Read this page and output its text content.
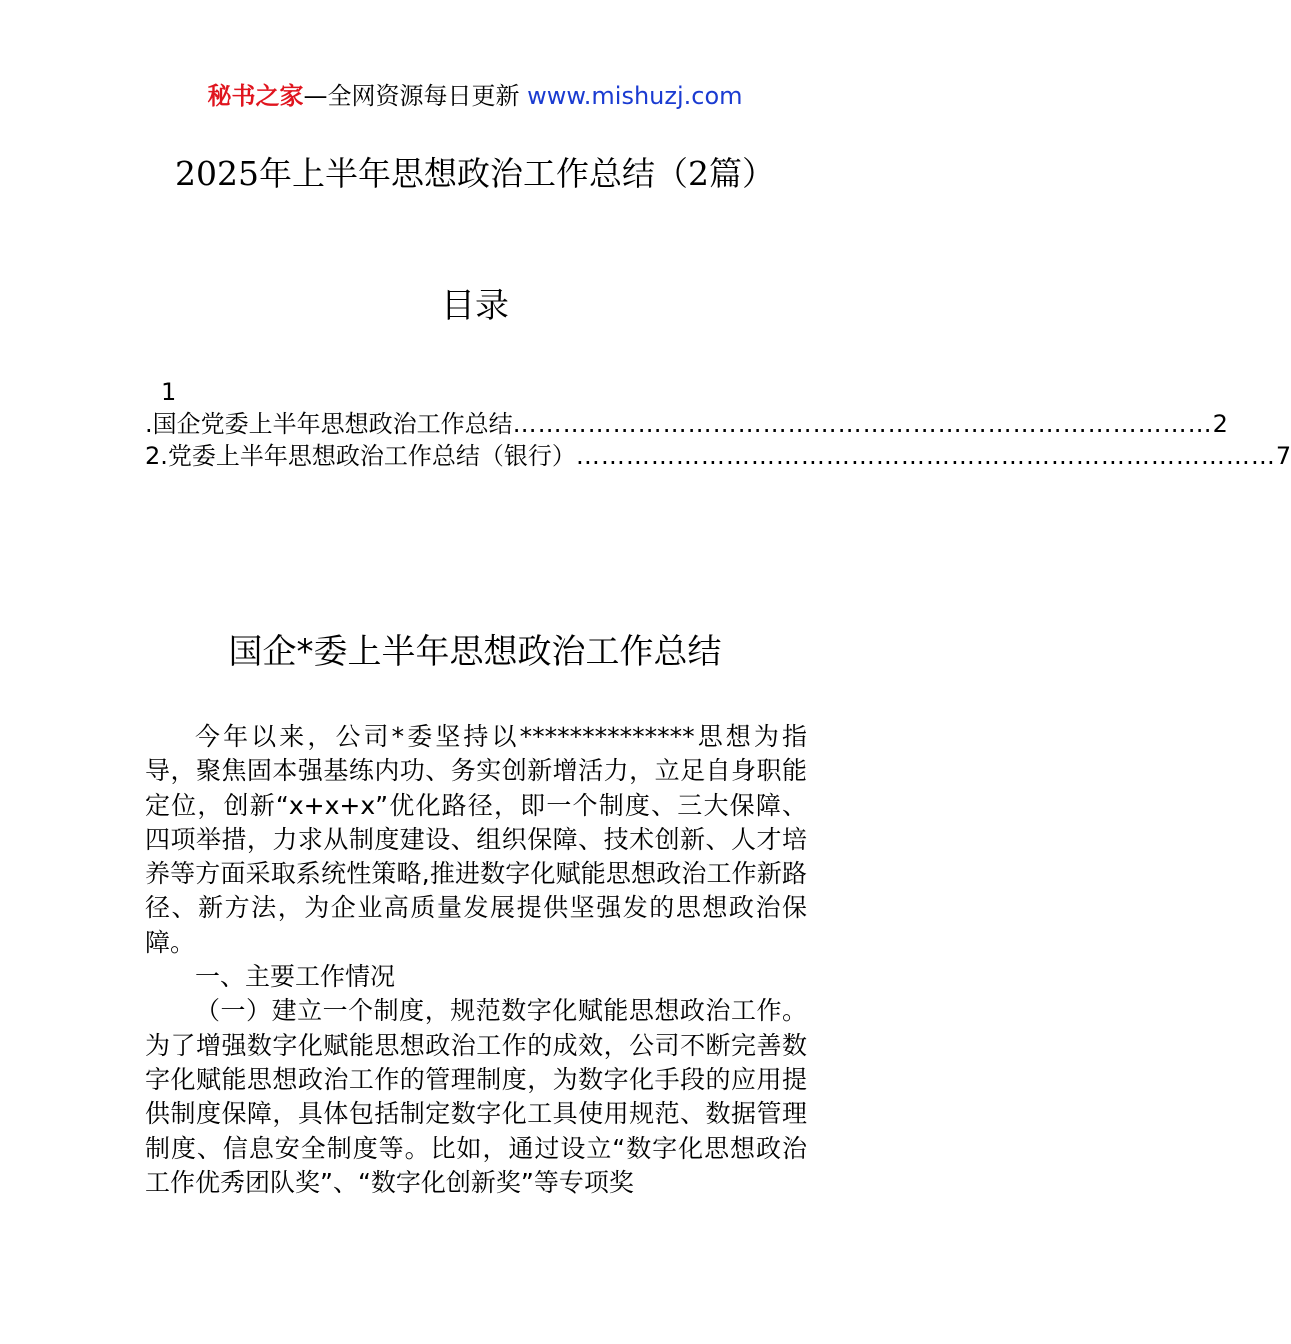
秘书之家—全网资源每日更新 www.mishuzj.com
2025年上半年思想政治工作总结（2篇）
目录
1
.国企党委上半年思想政治工作总结 ………………………………………………………………………… 2
2.党委上半年思想政治工作总结（银行） ………………………………………………………………………… 7
国企*委上半年思想政治工作总结

今年以来，公司*委坚持以**************思想为指导，聚焦固本强基练内功、务实创新增活力，立足自身职能定位，创新“x+x+x”优化路径，即一个制度、三大保障、四项举措，力求从制度建设、组织保障、技术创新、人才培养等方面采取系统性策略,推进数字化赋能思想政治工作新路径、新方法，为企业高质量发展提供坚强发的思想政治保障。

一、主要工作情况

（一）建立一个制度，规范数字化赋能思想政治工作。为了增强数字化赋能思想政治工作的成效，公司不断完善数字化赋能思想政治工作的管理制度，为数字化手段的应用提供制度保障，具体包括制定数字化工具使用规范、数据管理制度、信息安全制度等。比如，通过设立“数字化思想政治工作优秀团队奖”、“数字化创新奖”等专项奖
